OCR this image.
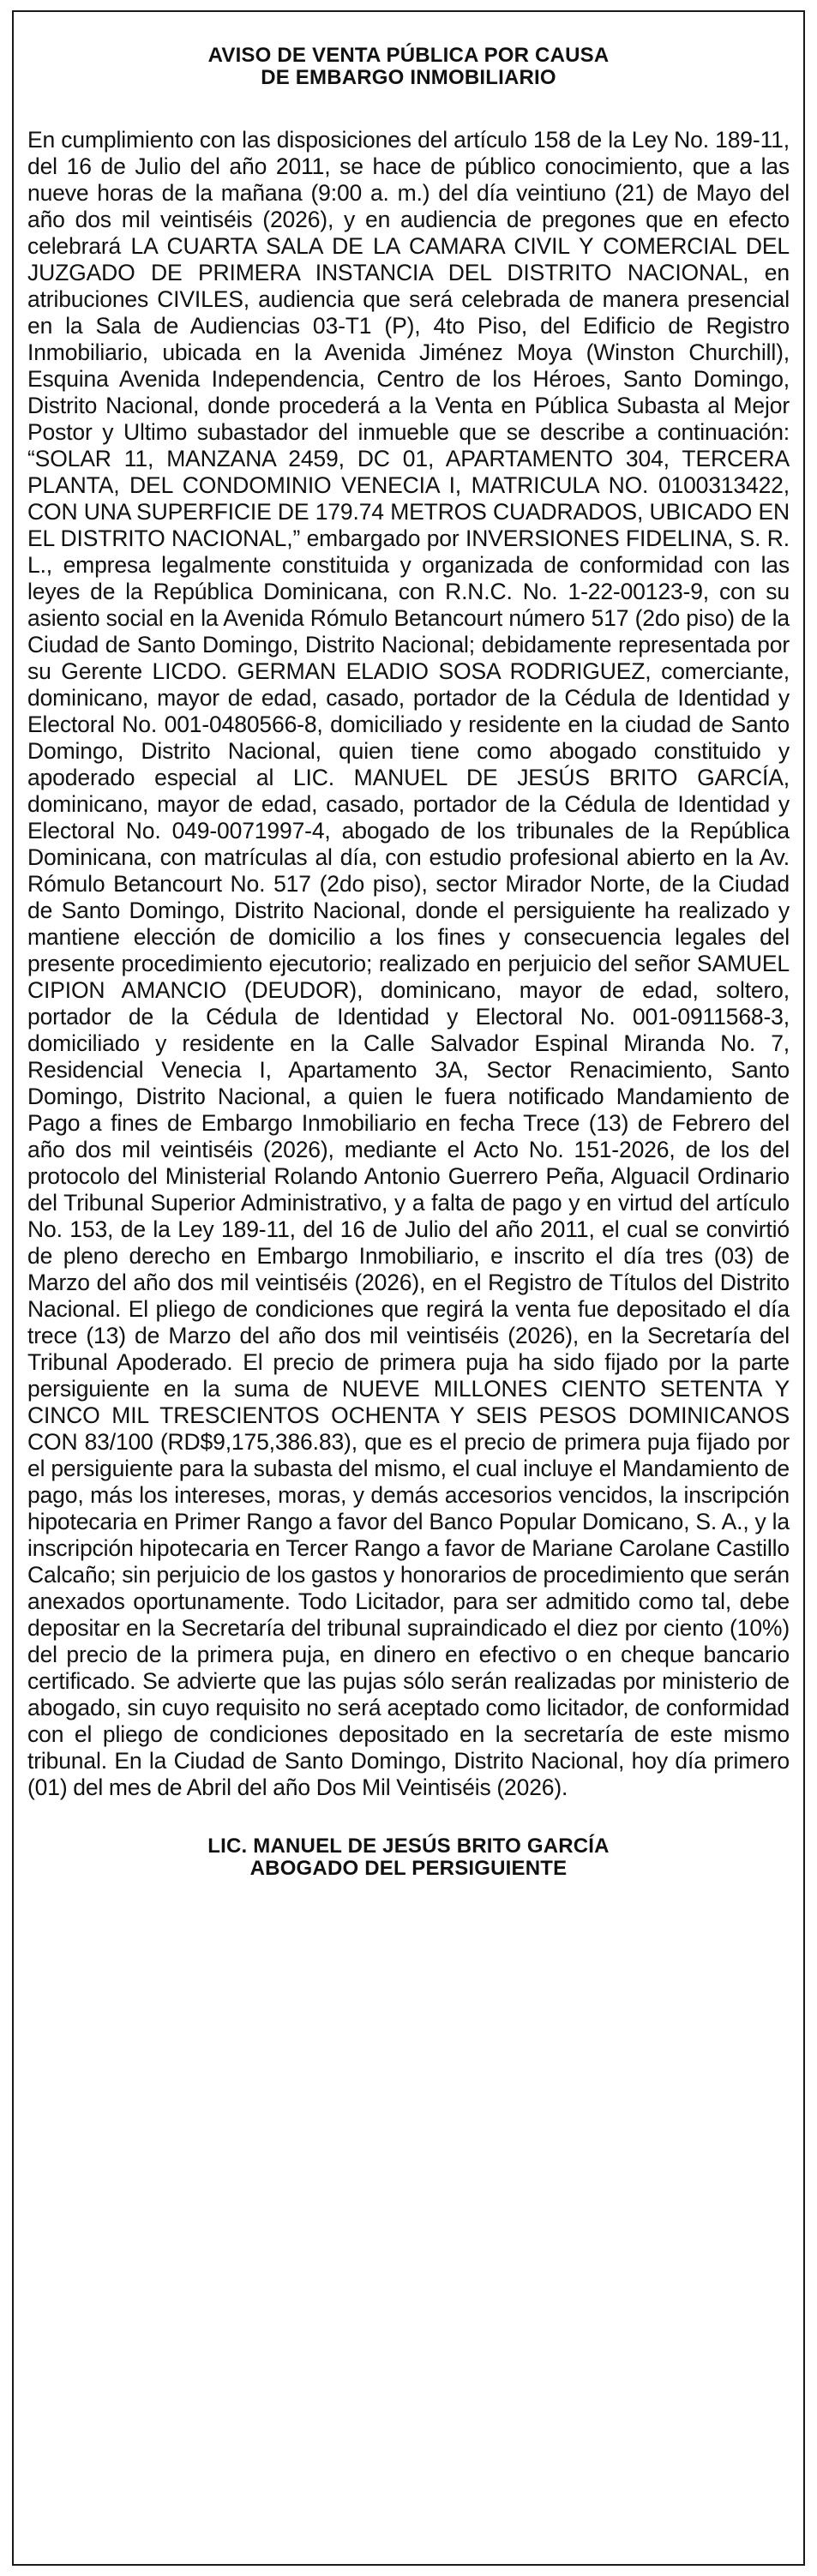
AVISO DE VENTA PÚBLICA POR CAUSA
DE EMBARGO INMOBILIARIO

En cumplimiento con las disposiciones del artículo 158 de la Ley No. 189-11, del 16 de Julio del año 2011, se hace de público conocimiento, que a las nueve horas de la mañana (9:00 a. m.) del día veintiuno (21) de Mayo del año dos mil veintiséis (2026), y en audiencia de pregones que en efecto celebrará LA CUARTA SALA DE LA CAMARA CIVIL Y COMERCIAL DEL JUZGADO DE PRIMERA INSTANCIA DEL DISTRITO NACIONAL, en atribuciones CIVILES, audiencia que será celebrada de manera presencial en la Sala de Audiencias 03-T1 (P), 4to Piso, del Edificio de Registro Inmobiliario, ubicada en la Avenida Jiménez Moya (Winston Churchill), Esquina Avenida Independencia, Centro de los Héroes, Santo Domingo, Distrito Nacional, donde procederá a la Venta en Pública Subasta al Mejor Postor y Ultimo subastador del inmueble que se describe a continuación: “SOLAR 11, MANZANA 2459, DC 01, APARTAMENTO 304, TERCERA PLANTA, DEL CONDOMINIO VENECIA I, MATRICULA NO. 0100313422, CON UNA SUPERFICIE DE 179.74 METROS CUADRADOS, UBICADO EN EL DISTRITO NACIONAL,” embargado por INVERSIONES FIDELINA, S. R. L., empresa legalmente constituida y organizada de conformidad con las leyes de la República Dominicana, con R.N.C. No. 1-22-00123-9, con su asiento social en la Avenida Rómulo Betancourt número 517 (2do piso) de la Ciudad de Santo Domingo, Distrito Nacional; debidamente representada por su Gerente LICDO. GERMAN ELADIO SOSA RODRIGUEZ, comerciante, dominicano, mayor de edad, casado, portador de la Cédula de Identidad y Electoral No. 001-0480566-8, domiciliado y residente en la ciudad de Santo Domingo, Distrito Nacional, quien tiene como abogado constituido y apoderado especial al LIC. MANUEL DE JESÚS BRITO GARCÍA, dominicano, mayor de edad, casado, portador de la Cédula de Identidad y Electoral No. 049-0071997-4, abogado de los tribunales de la República Dominicana, con matrículas al día, con estudio profesional abierto en la Av. Rómulo Betancourt No. 517 (2do piso), sector Mirador Norte, de la Ciudad de Santo Domingo, Distrito Nacional, donde el persiguiente ha realizado y mantiene elección de domicilio a los fines y consecuencia legales del presente procedimiento ejecutorio; realizado en perjuicio del señor SAMUEL CIPION AMANCIO (DEUDOR), dominicano, mayor de edad, soltero, portador de la Cédula de Identidad y Electoral No. 001-0911568-3, domiciliado y residente en la Calle Salvador Espinal Miranda No. 7, Residencial Venecia I, Apartamento 3A, Sector Renacimiento, Santo Domingo, Distrito Nacional, a quien le fuera notificado Mandamiento de Pago a fines de Embargo Inmobiliario en fecha Trece (13) de Febrero del año dos mil veintiséis (2026), mediante el Acto No. 151-2026, de los del protocolo del Ministerial Rolando Antonio Guerrero Peña, Alguacil Ordinario del Tribunal Superior Administrativo, y a falta de pago y en virtud del artículo No. 153, de la Ley 189-11, del 16 de Julio del año 2011, el cual se convirtió de pleno derecho en Embargo Inmobiliario, e inscrito el día tres (03) de Marzo del año dos mil veintiséis (2026), en el Registro de Títulos del Distrito Nacional. El pliego de condiciones que regirá la venta fue depositado el día trece (13) de Marzo del año dos mil veintiséis (2026), en la Secretaría del Tribunal Apoderado. El precio de primera puja ha sido fijado por la parte persiguiente en la suma de NUEVE MILLONES CIENTO SETENTA Y CINCO MIL TRESCIENTOS OCHENTA Y SEIS PESOS DOMINICANOS CON 83/100 (RD$9,175,386.83), que es el precio de primera puja fijado por el persiguiente para la subasta del mismo, el cual incluye el Mandamiento de pago, más los intereses, moras, y demás accesorios vencidos, la inscripción hipotecaria en Primer Rango a favor del Banco Popular Domicano, S. A., y la inscripción hipotecaria en Tercer Rango a favor de Mariane Carolane Castillo Calcaño; sin perjuicio de los gastos y honorarios de procedimiento que serán anexados oportunamente. Todo Licitador, para ser admitido como tal, debe depositar en la Secretaría del tribunal supraindicado el diez por ciento (10%) del precio de la primera puja, en dinero en efectivo o en cheque bancario certificado. Se advierte que las pujas sólo serán realizadas por ministerio de abogado, sin cuyo requisito no será aceptado como licitador, de conformidad con el pliego de condiciones depositado en la secretaría de este mismo tribunal. En la Ciudad de Santo Domingo, Distrito Nacional, hoy día primero (01) del mes de Abril del año Dos Mil Veintiséis (2026).

LIC. MANUEL DE JESÚS BRITO GARCÍA
ABOGADO DEL PERSIGUIENTE
